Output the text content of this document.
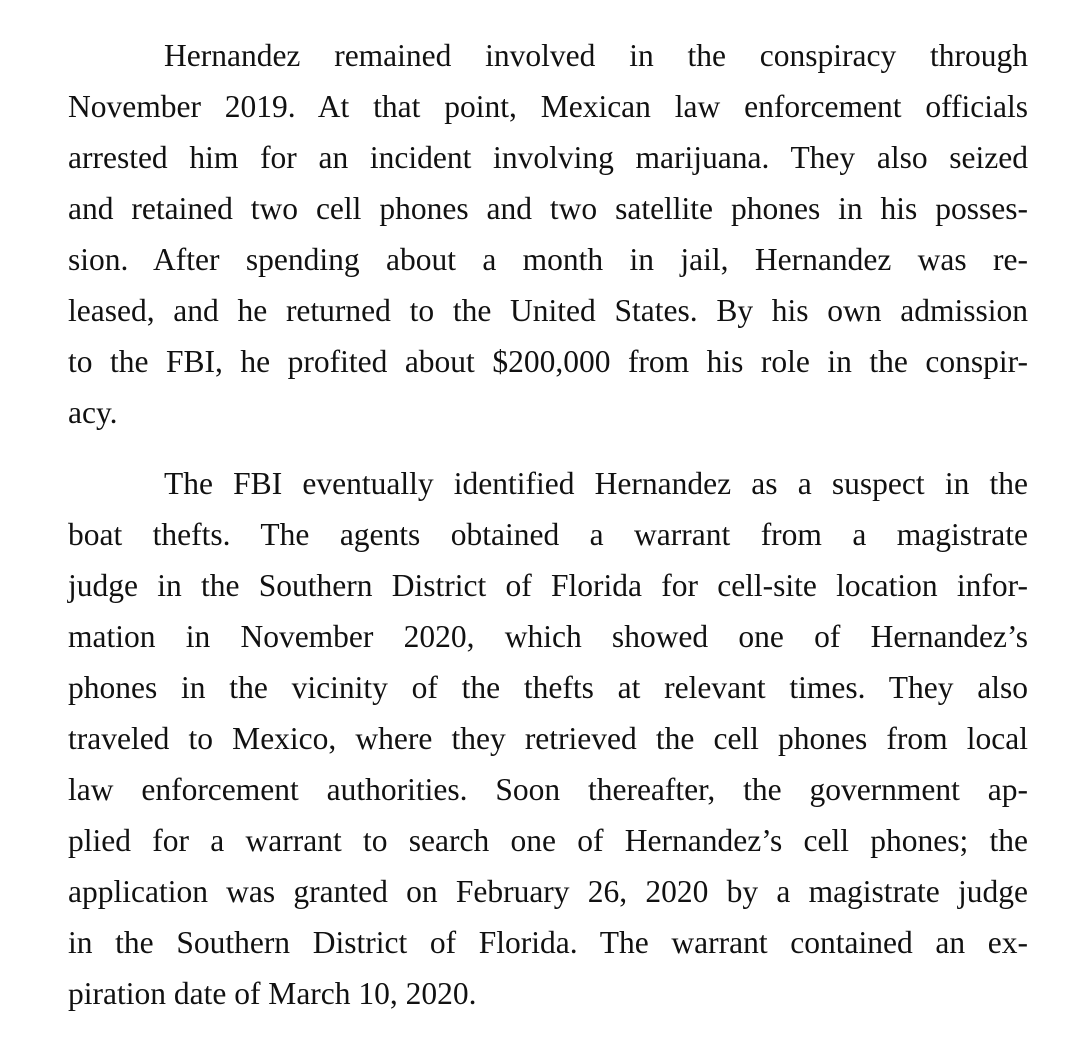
Hernandez remained involved in the conspiracy through
November 2019. At that point, Mexican law enforcement officials
arrested him for an incident involving marijuana. They also seized
and retained two cell phones and two satellite phones in his posses-
sion. After spending about a month in jail, Hernandez was re-
leased, and he returned to the United States. By his own admission
to the FBI, he profited about $200,000 from his role in the conspir-
acy.
The FBI eventually identified Hernandez as a suspect in the
boat thefts. The agents obtained a warrant from a magistrate
judge in the Southern District of Florida for cell-site location infor-
mation in November 2020, which showed one of Hernandez’s
phones in the vicinity of the thefts at relevant times. They also
traveled to Mexico, where they retrieved the cell phones from local
law enforcement authorities. Soon thereafter, the government ap-
plied for a warrant to search one of Hernandez’s cell phones; the
application was granted on February 26, 2020 by a magistrate judge
in the Southern District of Florida. The warrant contained an ex-
piration date of March 10, 2020.
